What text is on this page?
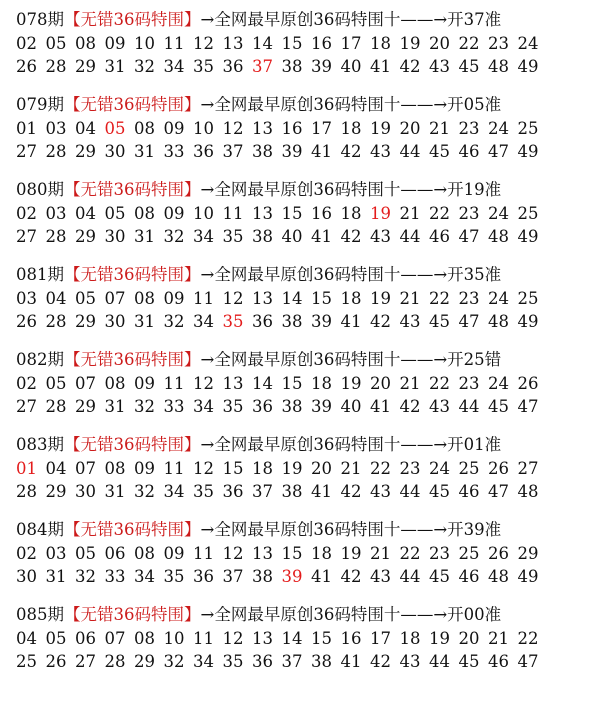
078期【无错36码特围】→全网最早原创36码特围十——→开37准
02 05 08 09 10 11 12 13 14 15 16 17 18 19 20 22 23 24
26 28 29 31 32 34 35 36 37 38 39 40 41 42 43 45 48 49
079期【无错36码特围】→全网最早原创36码特围十——→开05准
01 03 04 05 08 09 10 12 13 16 17 18 19 20 21 23 24 25
27 28 29 30 31 33 36 37 38 39 41 42 43 44 45 46 47 49
080期【无错36码特围】→全网最早原创36码特围十——→开19准
02 03 04 05 08 09 10 11 13 15 16 18 19 21 22 23 24 25
27 28 29 30 31 32 34 35 38 40 41 42 43 44 46 47 48 49
081期【无错36码特围】→全网最早原创36码特围十——→开35准
03 04 05 07 08 09 11 12 13 14 15 18 19 21 22 23 24 25
26 28 29 30 31 32 34 35 36 38 39 41 42 43 45 47 48 49
082期【无错36码特围】→全网最早原创36码特围十——→开25错
02 05 07 08 09 11 12 13 14 15 18 19 20 21 22 23 24 26
27 28 29 31 32 33 34 35 36 38 39 40 41 42 43 44 45 47
083期【无错36码特围】→全网最早原创36码特围十——→开01准
01 04 07 08 09 11 12 15 18 19 20 21 22 23 24 25 26 27
28 29 30 31 32 34 35 36 37 38 41 42 43 44 45 46 47 48
084期【无错36码特围】→全网最早原创36码特围十——→开39准
02 03 05 06 08 09 11 12 13 15 18 19 21 22 23 25 26 29
30 31 32 33 34 35 36 37 38 39 41 42 43 44 45 46 48 49
085期【无错36码特围】→全网最早原创36码特围十——→开00准
04 05 06 07 08 10 11 12 13 14 15 16 17 18 19 20 21 22
25 26 27 28 29 32 34 35 36 37 38 41 42 43 44 45 46 47
